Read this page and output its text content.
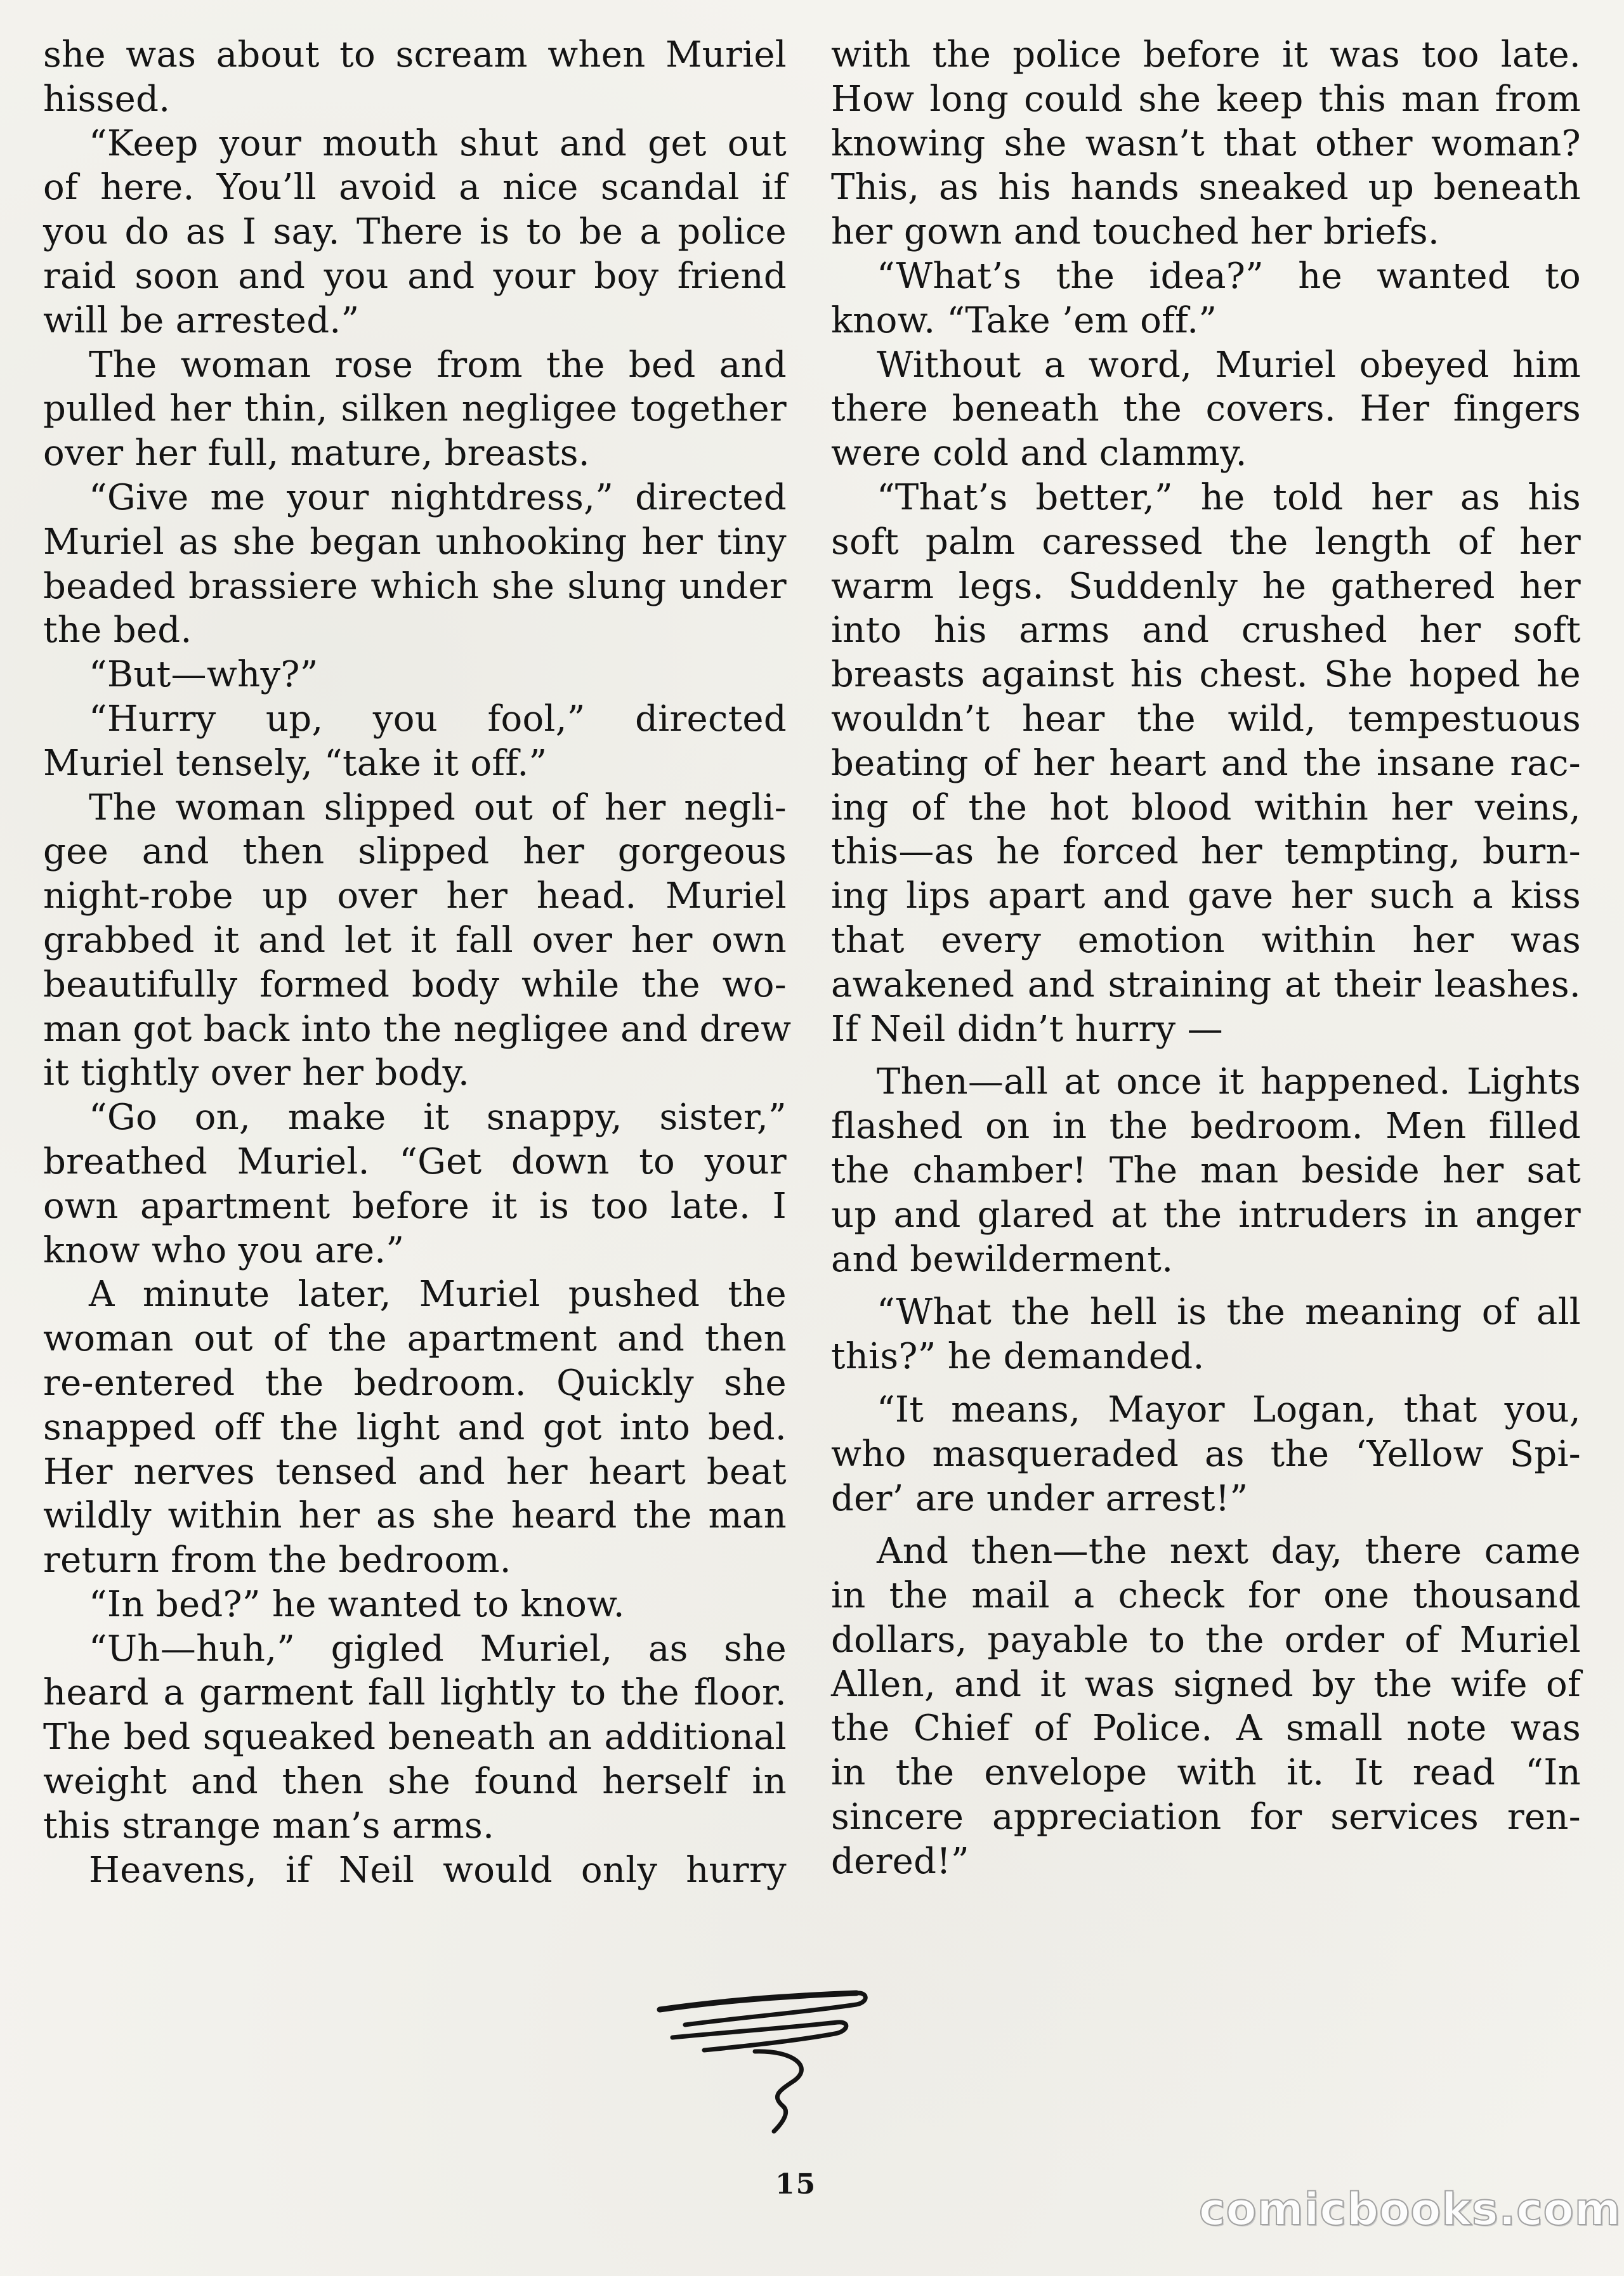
she was about to scream when Muriel
hissed.
“Keep your mouth shut and get out
of here. You’ll avoid a nice scandal if
you do as I say. There is to be a police
raid soon and you and your boy friend
will be arrested.”
The woman rose from the bed and
pulled her thin, silken negligee together
over her full, mature, breasts.
“Give me your nightdress,” directed
Muriel as she began unhooking her tiny
beaded brassiere which she slung under
the bed.
“But—why?”
“Hurry up, you fool,” directed
Muriel tensely, “take it off.”
The woman slipped out of her negli-
gee and then slipped her gorgeous
night-robe up over her head. Muriel
grabbed it and let it fall over her own
beautifully formed body while the wo-
man got back into the negligee and drew
it tightly over her body.
“Go on, make it snappy, sister,”
breathed Muriel. “Get down to your
own apartment before it is too late. I
know who you are.”
A minute later, Muriel pushed the
woman out of the apartment and then
re-entered the bedroom. Quickly she
snapped off the light and got into bed.
Her nerves tensed and her heart beat
wildly within her as she heard the man
return from the bedroom.
“In bed?” he wanted to know.
“Uh—huh,” gigled Muriel, as she
heard a garment fall lightly to the floor.
The bed squeaked beneath an additional
weight and then she found herself in
this strange man’s arms.
Heavens, if Neil would only hurry
with the police before it was too late.
How long could she keep this man from
knowing she wasn’t that other woman?
This, as his hands sneaked up beneath
her gown and touched her briefs.
“What’s the idea?” he wanted to
know. “Take ’em off.”
Without a word, Muriel obeyed him
there beneath the covers. Her fingers
were cold and clammy.
“That’s better,” he told her as his
soft palm caressed the length of her
warm legs. Suddenly he gathered her
into his arms and crushed her soft
breasts against his chest. She hoped he
wouldn’t hear the wild, tempestuous
beating of her heart and the insane rac-
ing of the hot blood within her veins,
this—as he forced her tempting, burn-
ing lips apart and gave her such a kiss
that every emotion within her was
awakened and straining at their leashes.
If Neil didn’t hurry —
Then—all at once it happened. Lights
flashed on in the bedroom. Men filled
the chamber! The man beside her sat
up and glared at the intruders in anger
and bewilderment.
“What the hell is the meaning of all
this?” he demanded.
“It means, Mayor Logan, that you,
who masqueraded as the ‘Yellow Spi-
der’ are under arrest!”
And then—the next day, there came
in the mail a check for one thousand
dollars, payable to the order of Muriel
Allen, and it was signed by the wife of
the Chief of Police. A small note was
in the envelope with it. It read “In
sincere appreciation for services ren-
dered!”
15	comicbooks.com
